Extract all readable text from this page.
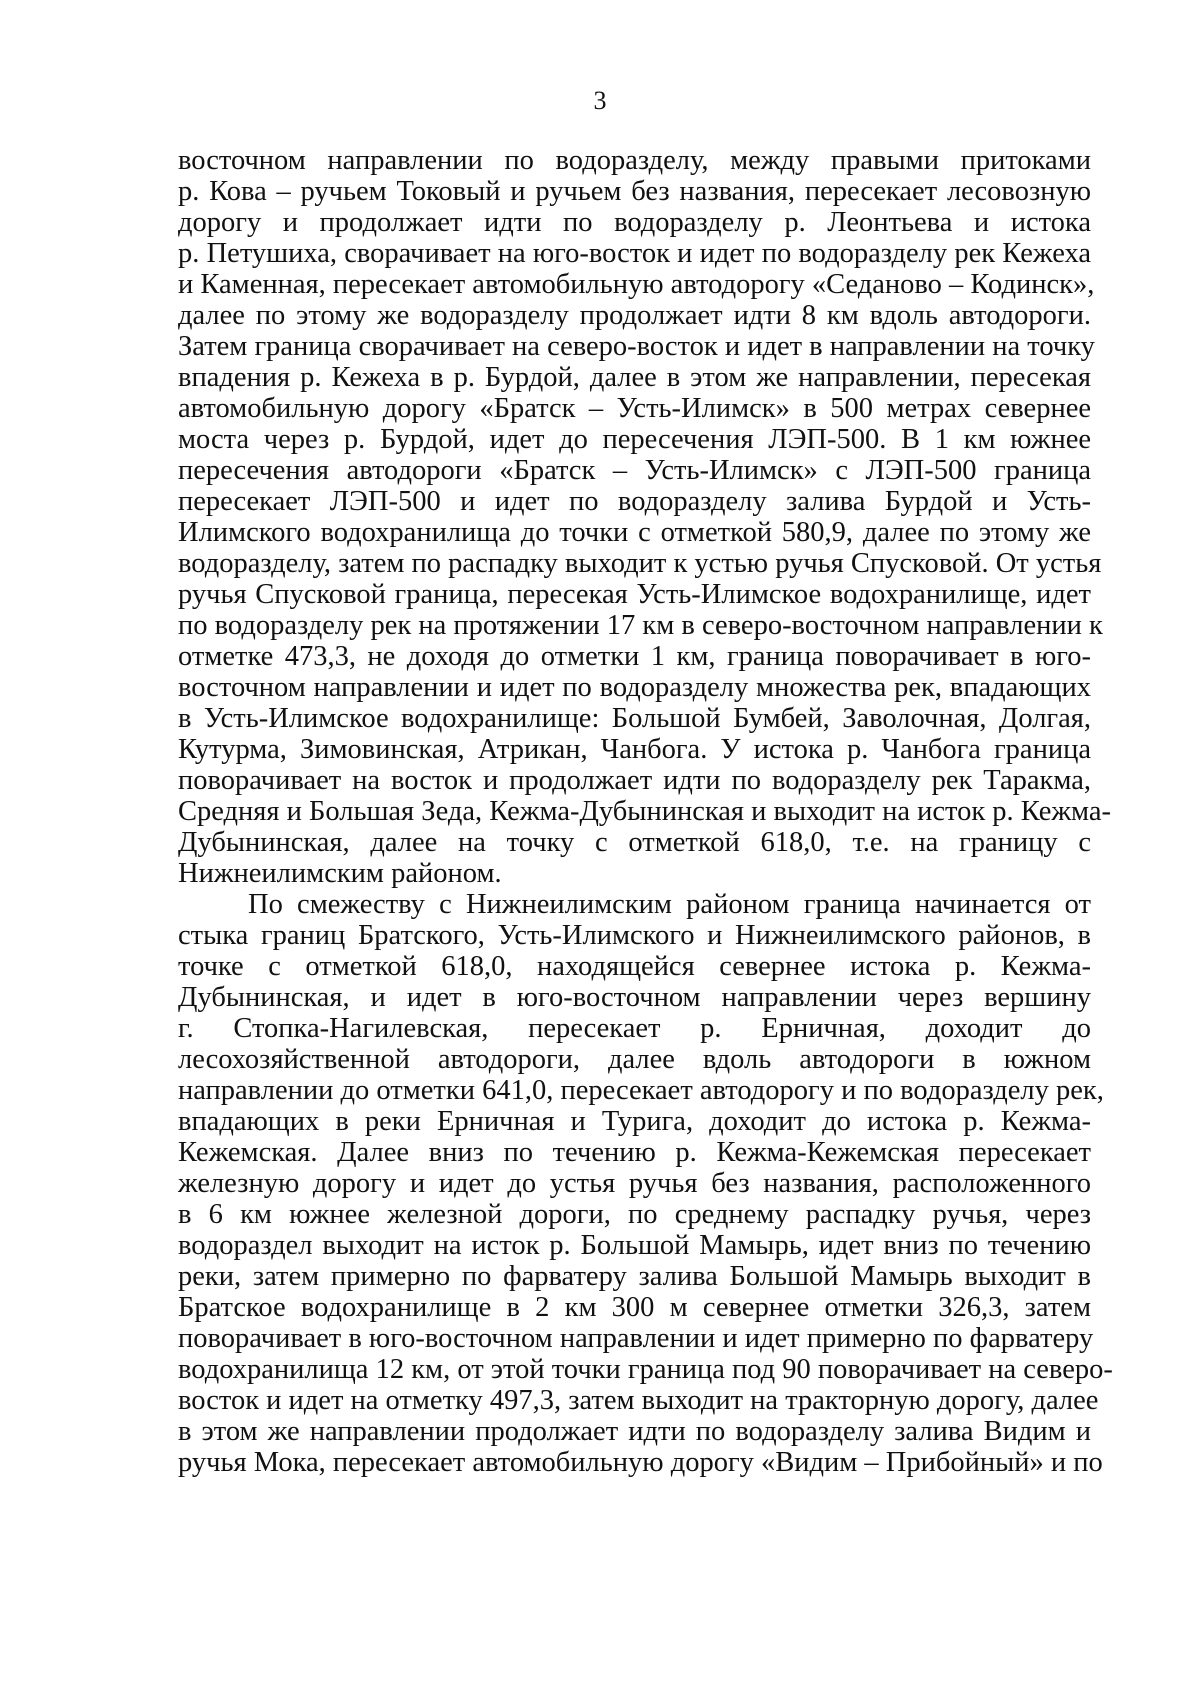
3
восточном направлении по водоразделу, между правыми притоками
р. Кова – ручьем Токовый и ручьем без названия, пересекает лесовозную
дорогу и продолжает идти по водоразделу р. Леонтьева и истока
р. Петушиха, сворачивает на юго-восток и идет по водоразделу рек Кежеха
и Каменная, пересекает автомобильную автодорогу «Седаново – Кодинск»,
далее по этому же водоразделу продолжает идти 8 км вдоль автодороги.
Затем граница сворачивает на северо-восток и идет в направлении на точку
впадения р. Кежеха в р. Бурдой, далее в этом же направлении, пересекая
автомобильную дорогу «Братск – Усть-Илимск» в 500 метрах севернее
моста через р. Бурдой, идет до пересечения ЛЭП-500. В 1 км южнее
пересечения автодороги «Братск – Усть-Илимск» с ЛЭП-500 граница
пересекает ЛЭП-500 и идет по водоразделу залива Бурдой и Усть-
Илимского водохранилища до точки с отметкой 580,9, далее по этому же
водоразделу, затем по распадку выходит к устью ручья Спусковой. От устья
ручья Спусковой граница, пересекая Усть-Илимское водохранилище, идет
по водоразделу рек на протяжении 17 км в северо-восточном направлении к
отметке 473,3, не доходя до отметки 1 км, граница поворачивает в юго-
восточном направлении и идет по водоразделу множества рек, впадающих
в Усть-Илимское водохранилище: Большой Бумбей, Заволочная, Долгая,
Кутурма, Зимовинская, Атрикан, Чанбога. У истока р. Чанбога граница
поворачивает на восток и продолжает идти по водоразделу рек Таракма,
Средняя и Большая Зеда, Кежма-Дубынинская и выходит на исток р. Кежма-
Дубынинская, далее на точку с отметкой 618,0, т.е. на границу с
Нижнеилимским районом.
По смежеству с Нижнеилимским районом граница начинается от
стыка границ Братского, Усть-Илимского и Нижнеилимского районов, в
точке с отметкой 618,0, находящейся севернее истока р. Кежма-
Дубынинская, и идет в юго-восточном направлении через вершину
г. Стопка-Нагилевская, пересекает р. Ерничная, доходит до
лесохозяйственной автодороги, далее вдоль автодороги в южном
направлении до отметки 641,0, пересекает автодорогу и по водоразделу рек,
впадающих в реки Ерничная и Турига, доходит до истока р. Кежма-
Кежемская. Далее вниз по течению р. Кежма-Кежемская пересекает
железную дорогу и идет до устья ручья без названия, расположенного
в 6 км южнее железной дороги, по среднему распадку ручья, через
водораздел выходит на исток р. Большой Мамырь, идет вниз по течению
реки, затем примерно по фарватеру залива Большой Мамырь выходит в
Братское водохранилище в 2 км 300 м севернее отметки 326,3, затем
поворачивает в юго-восточном направлении и идет примерно по фарватеру
водохранилища 12 км, от этой точки граница под 90 поворачивает на северо-
восток и идет на отметку 497,3, затем выходит на тракторную дорогу, далее
в этом же направлении продолжает идти по водоразделу залива Видим и
ручья Мока, пересекает автомобильную дорогу «Видим – Прибойный» и по
